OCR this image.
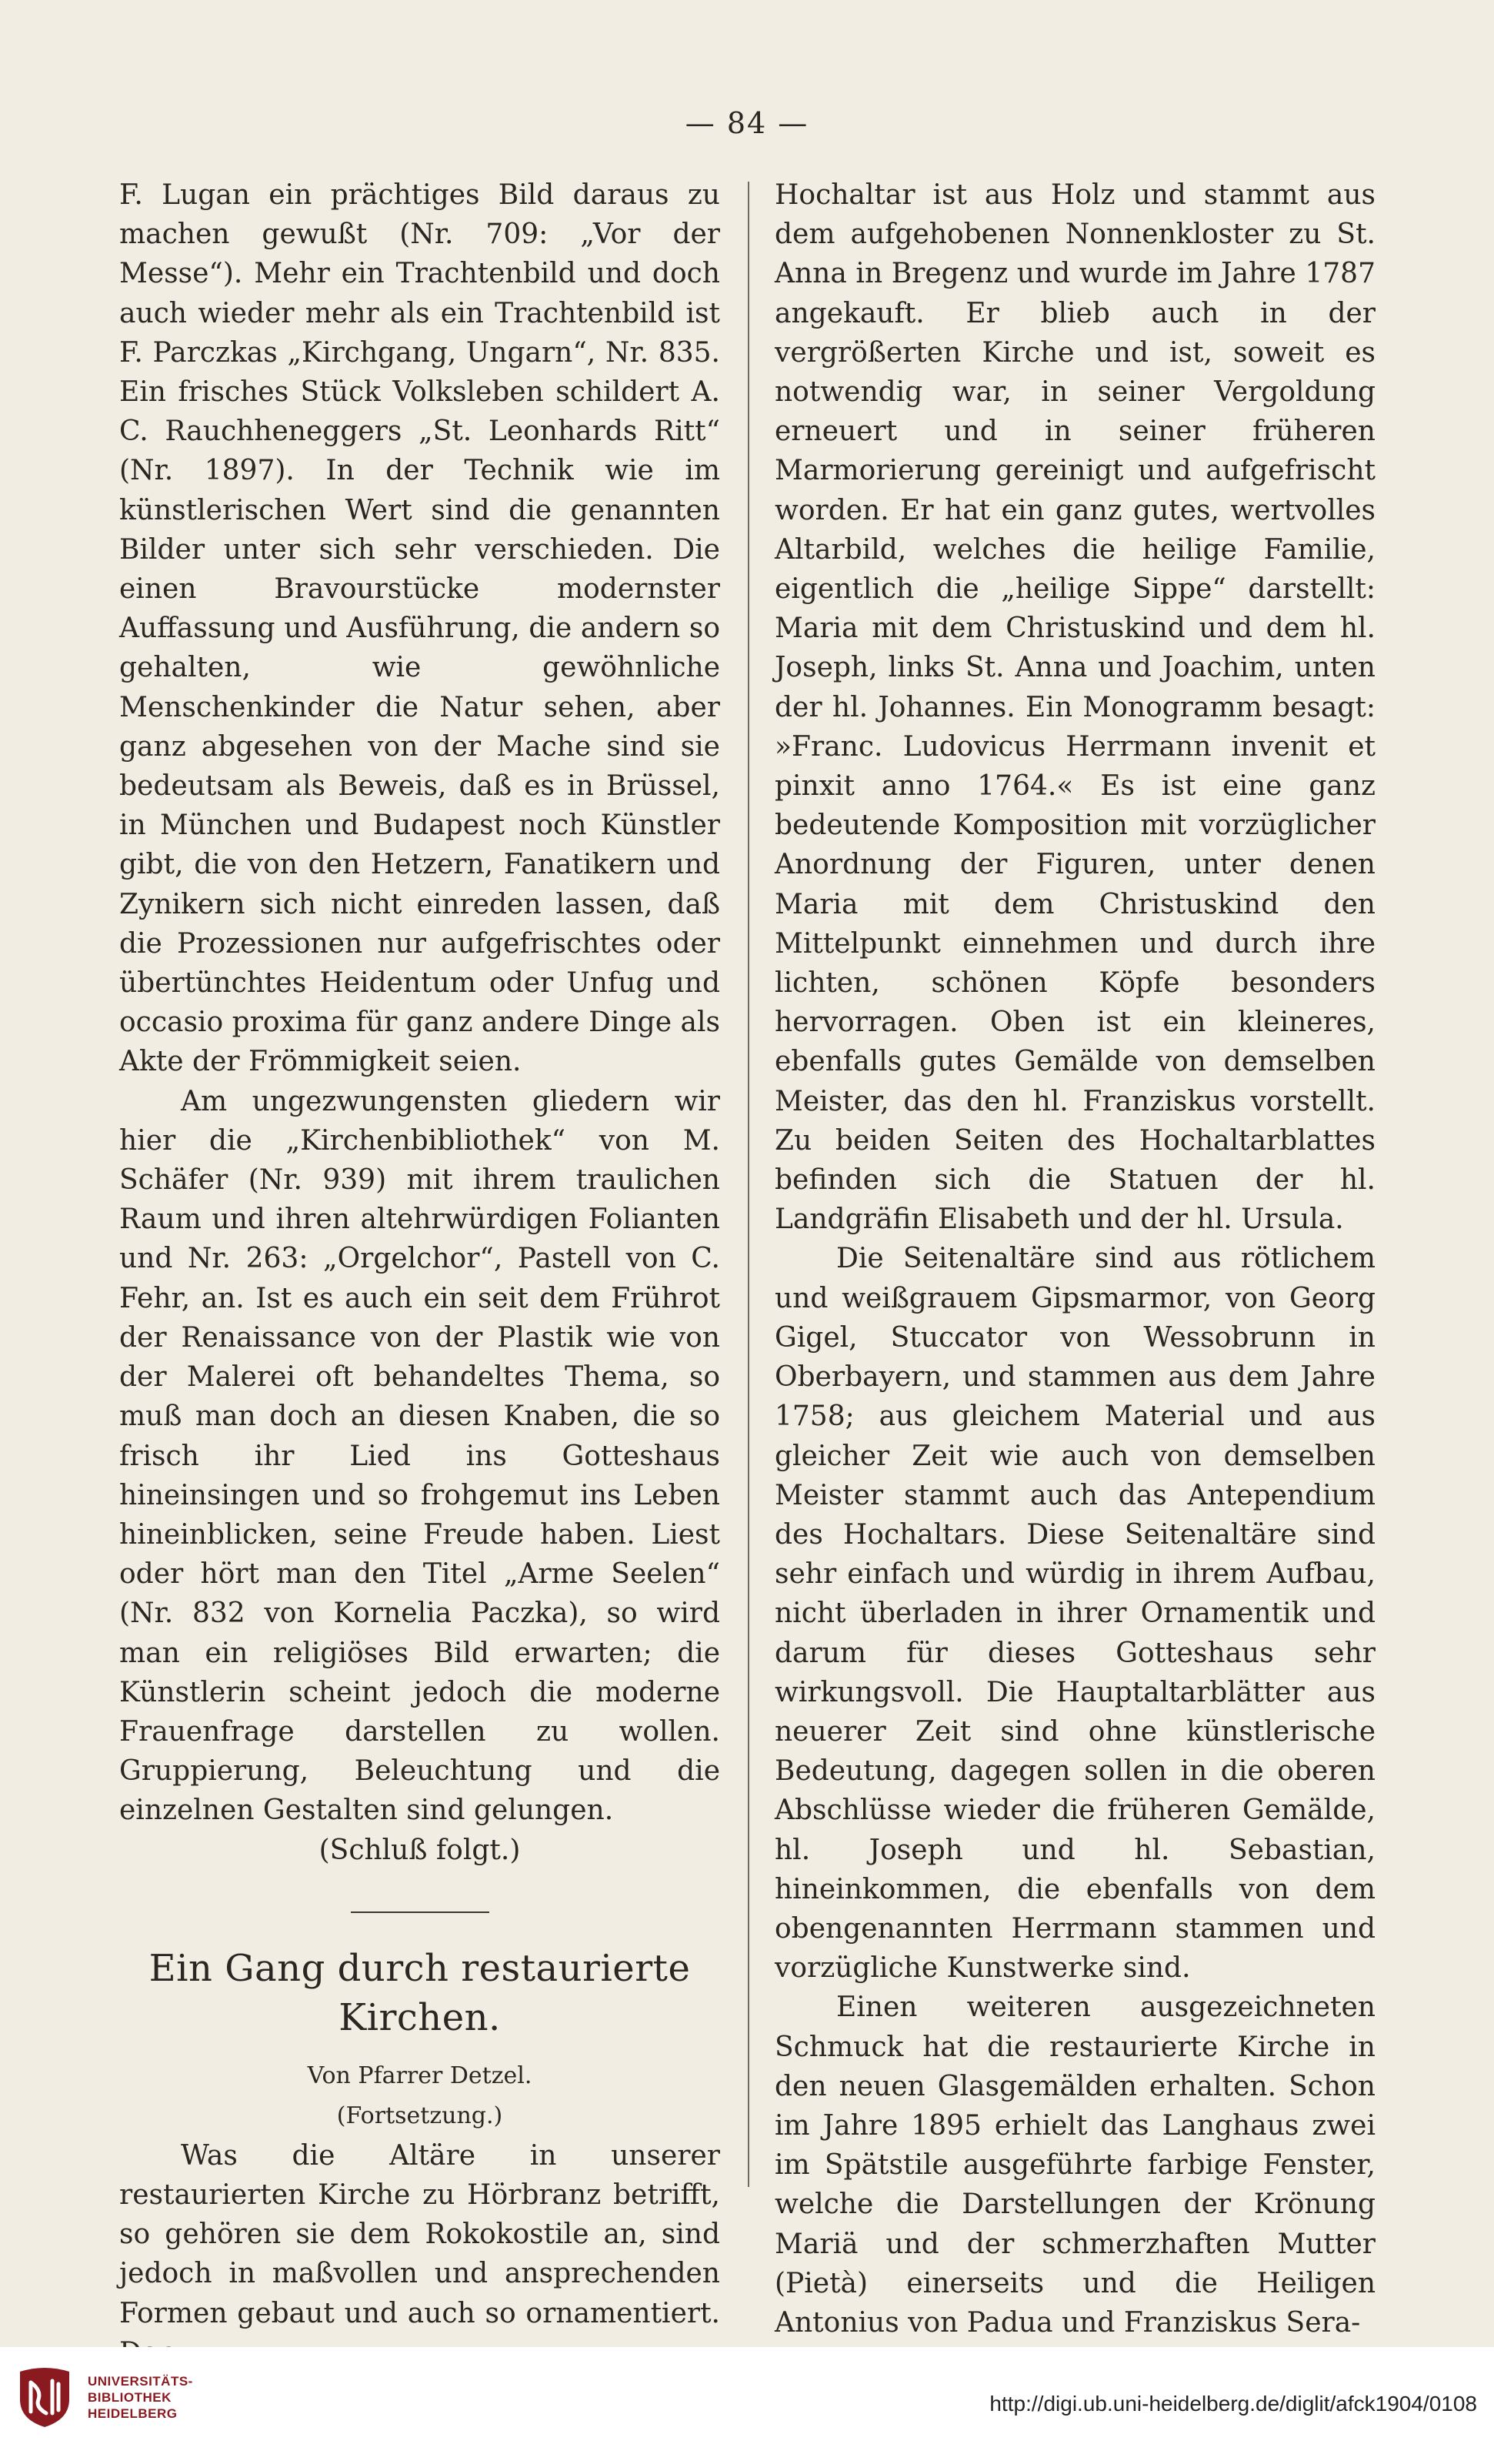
— 84 —

F. Lugan ein prächtiges Bild daraus zu machen gewußt (Nr. 709: „Vor der Messe“). Mehr ein Trachtenbild und doch auch wieder mehr als ein Trachtenbild ist F. Parczkas „Kirchgang, Ungarn“, Nr. 835. Ein frisches Stück Volksleben schildert A. C. Rauchheneggers „St. Leonhards Ritt“ (Nr. 1897). In der Technik wie im künstlerischen Wert sind die genannten Bilder unter sich sehr verschieden. Die einen Bravourstücke modernster Auffassung und Ausführung, die andern so gehalten, wie gewöhnliche Menschenkinder die Natur sehen, aber ganz abgesehen von der Mache sind sie bedeutsam als Beweis, daß es in Brüssel, in München und Budapest noch Künstler gibt, die von den Hetzern, Fanatikern und Zynikern sich nicht einreden lassen, daß die Prozessionen nur aufgefrischtes oder übertünchtes Heidentum oder Unfug und occasio proxima für ganz andere Dinge als Akte der Frömmigkeit seien.

Am ungezwungensten gliedern wir hier die „Kirchenbibliothek“ von M. Schäfer (Nr. 939) mit ihrem traulichen Raum und ihren altehrwürdigen Folianten und Nr. 263: „Orgelchor“, Pastell von C. Fehr, an. Ist es auch ein seit dem Frührot der Renaissance von der Plastik wie von der Malerei oft behandeltes Thema, so muß man doch an diesen Knaben, die so frisch ihr Lied ins Gotteshaus hineinsingen und so frohgemut ins Leben hineinblicken, seine Freude haben. Liest oder hört man den Titel „Arme Seelen“ (Nr. 832 von Kornelia Paczka), so wird man ein religiöses Bild erwarten; die Künstlerin scheint jedoch die moderne Frauenfrage darstellen zu wollen. Gruppierung, Beleuchtung und die einzelnen Gestalten sind gelungen.

(Schluß folgt.)

Ein Gang durch restaurierte Kirchen.
Von Pfarrer Detzel.
(Fortsetzung.)

Was die Altäre in unserer restaurierten Kirche zu Hörbranz betrifft, so gehören sie dem Rokokostile an, sind jedoch in maßvollen und ansprechenden Formen gebaut und auch so ornamentiert.

Hochaltar ist aus Holz und stammt aus dem aufgehobenen Nonnenkloster zu St. Anna in Bregenz und wurde im Jahre 1787 angekauft. Er blieb auch in der vergrößerten Kirche und ist, soweit es notwendig war, in seiner Vergoldung erneuert und in seiner früheren Marmorierung gereinigt und aufgefrischt worden. Er hat ein ganz gutes, wertvolles Altarbild, welches die heilige Familie, eigentlich die „heilige Sippe“ darstellt: Maria mit dem Christuskind und dem hl. Joseph, links St. Anna und Joachim, unten der hl. Johannes. Ein Monogramm besagt: »Franc. Ludovicus Herrmann invenit et pinxit anno 1764.« Es ist eine ganz bedeutende Komposition mit vorzüglicher Anordnung der Figuren, unter denen Maria mit dem Christuskind den Mittelpunkt einnehmen und durch ihre lichten, schönen Köpfe besonders hervorragen. Oben ist ein kleineres, ebenfalls gutes Gemälde von demselben Meister, das den hl. Franziskus vorstellt. Zu beiden Seiten des Hochaltarblattes befinden sich die Statuen der hl. Landgräfin Elisabeth und der hl. Ursula.

Die Seitenaltäre sind aus rötlichem und weißgrauem Gipsmarmor, von Georg Gigel, Stuccator von Wessobrunn in Oberbayern, und stammen aus dem Jahre 1758; aus gleichem Material und aus gleicher Zeit wie auch von demselben Meister stammt auch das Antependium des Hochaltars. Diese Seitenaltäre sind sehr einfach und würdig in ihrem Aufbau, nicht überladen in ihrer Ornamentik und darum für dieses Gotteshaus sehr wirkungsvoll. Die Hauptaltarblätter aus neuerer Zeit sind ohne künstlerische Bedeutung, dagegen sollen in die oberen Abschlüsse wieder die früheren Gemälde, hl. Joseph und hl. Sebastian, hineinkommen, die ebenfalls von dem obengenannten Herrmann stammen und vorzügliche Kunstwerke sind.

Einen weiteren ausgezeichneten Schmuck hat die restaurierte Kirche in den neuen Glasgemälden erhalten. Schon im Jahre 1895 erhielt das Langhaus zwei im Spätstile ausgeführte farbige Fenster, welche die Darstellungen der Krönung Mariä und der schmerzhaften Mutter (Pietà) einerseits und die Heiligen Antonius von Padua und Franziskus Sera-

UNIVERSITÄTS-
BIBLIOTHEK
HEIDELBERG	http://digi.ub.uni-heidelberg.de/diglit/afck1904/0108
